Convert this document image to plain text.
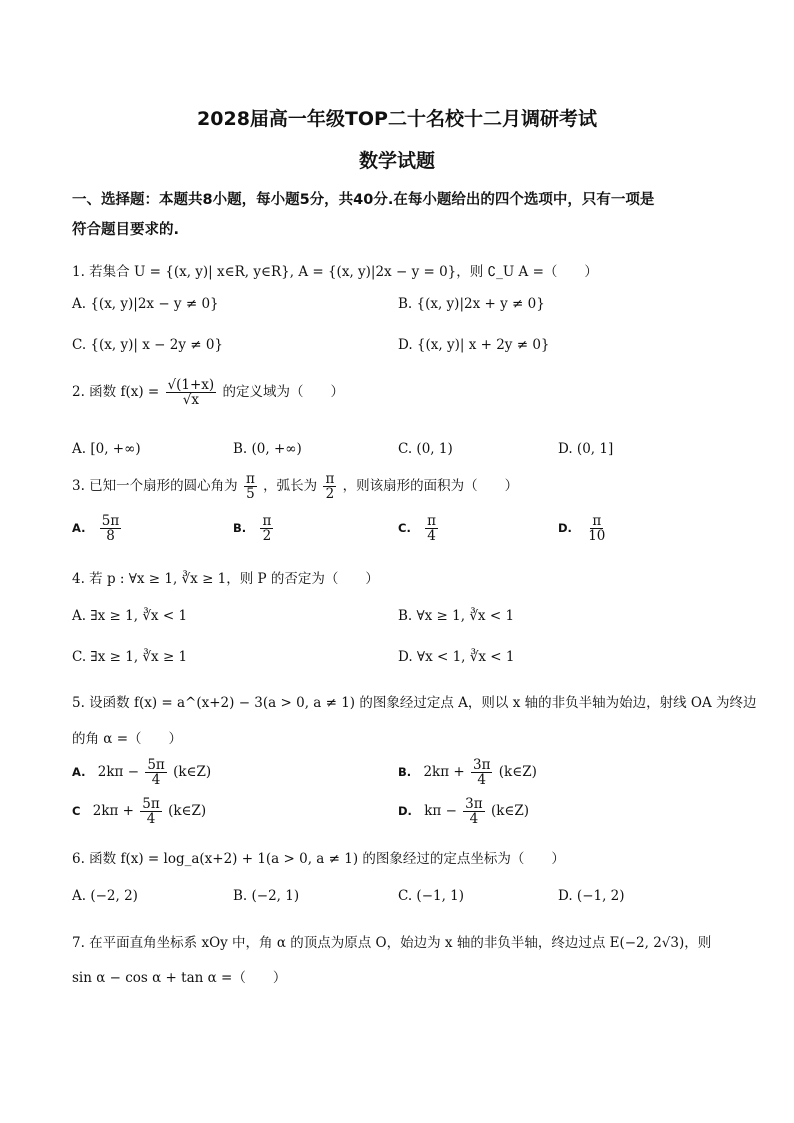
2028届高一年级TOP二十名校十二月调研考试
数学试题
一、选择题：本题共8小题，每小题5分，共40分.在每小题给出的四个选项中，只有一项是
符合题目要求的.
1. 若集合 U = {(x, y)| x∈R, y∈R}, A = {(x, y)|2x − y = 0}，则 ∁_U A =（　　）
A. {(x, y)|2x − y ≠ 0}	B. {(x, y)|2x + y ≠ 0}
C. {(x, y)| x − 2y ≠ 0}	D. {(x, y)| x + 2y ≠ 0}
2. 函数 $f(x) = \frac{√(1+x)}{√x}$ 的定义域为（　　）
A. [0, +∞)	B. (0, +∞)	C. (0, 1)	D. (0, 1]
3. 已知一个扇形的圆心角为 $\frac{\pi}{5}$ ，弧长为 $\frac{\pi}{2}$ ，则该扇形的面积为（　　）
A. $\frac{5\pi}{8}$	B. $\frac{\pi}{2}$	C. $\frac{\pi}{4}$	D. $\frac{\pi}{10}$
4. 若 p : ∀x ≥ 1, ∛x ≥ 1，则 P 的否定为（　　）
A. ∃x ≥ 1, ∛x < 1	B. ∀x ≥ 1, ∛x < 1
C. ∃x ≥ 1, ∛x ≥ 1	D. ∀x < 1, ∛x < 1
5. 设函数 f(x) = a^(x+2) − 3(a > 0, a ≠ 1) 的图象经过定点 A，则以 x 轴的非负半轴为始边，射线 OA 为终边
的角 α =（　　）
A. $2k\pi - \frac{5\pi}{4}$ (k∈Z)	B. $2k\pi + \frac{3\pi}{4}$ (k∈Z)
C $2k\pi + \frac{5\pi}{4}$ (k∈Z)	D. $k\pi - \frac{3\pi}{4}$ (k∈Z)
6. 函数 f(x) = log_a(x+2) + 1(a > 0, a ≠ 1) 的图象经过的定点坐标为（　　）
A. (−2, 2)	B. (−2, 1)	C. (−1, 1)	D. (−1, 2)
7. 在平面直角坐标系 xOy 中，角 α 的顶点为原点 O，始边为 x 轴的非负半轴，终边过点 E(−2, 2√3)，则
sin α − cos α + tan α =（　　）
